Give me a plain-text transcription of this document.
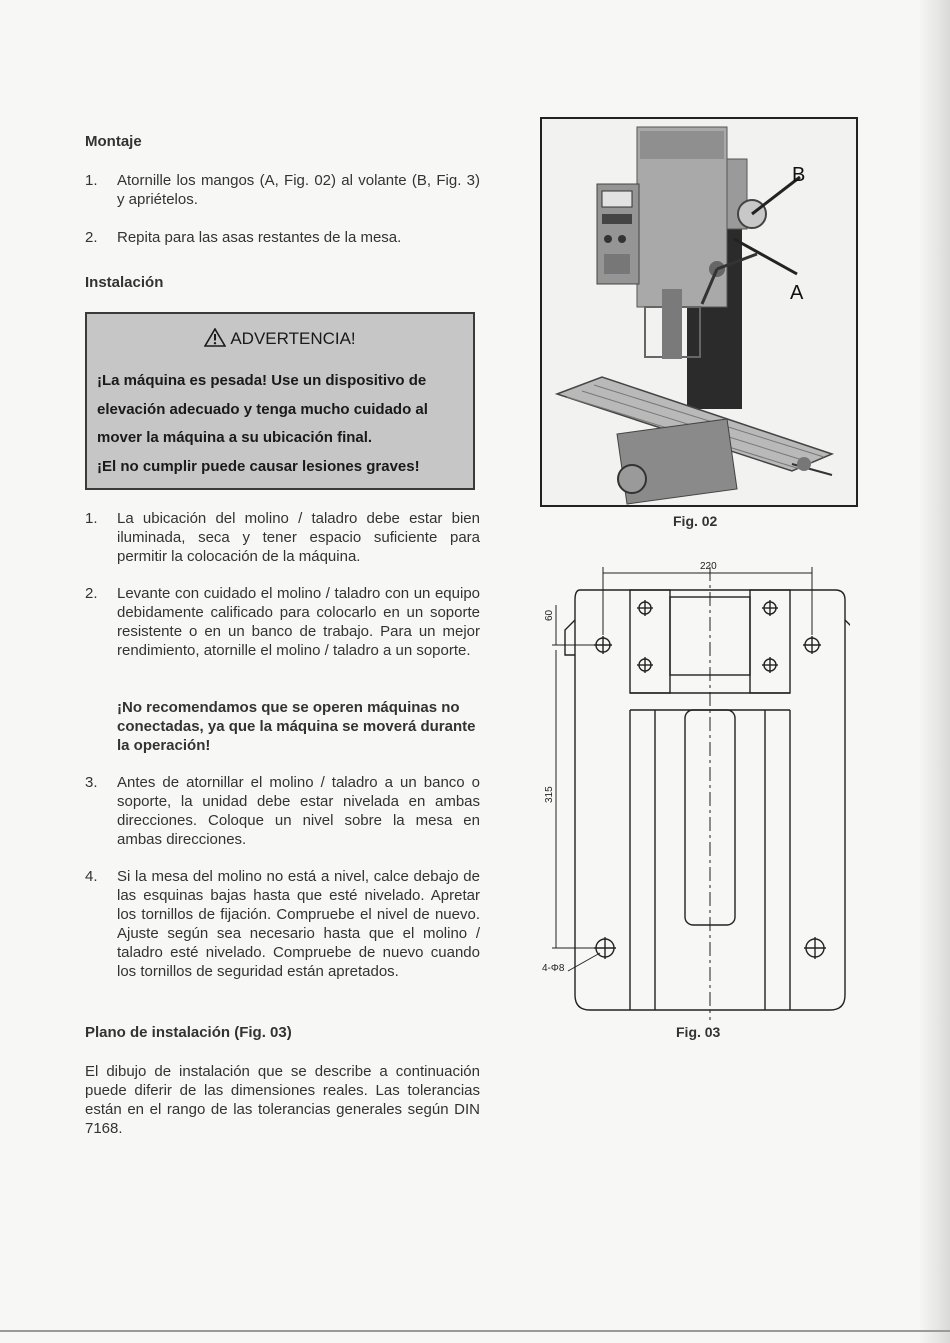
Montaje
1.	Atornille los mangos (A, Fig. 02) al volante (B, Fig. 3) y apriételos.
2.	Repita para las asas restantes de la mesa.
Instalación
1.	La ubicación del molino / taladro debe estar bien iluminada, seca y tener espacio suficiente para permitir la colocación de la máquina.
2.	Levante con cuidado el molino / taladro con un equipo debidamente calificado para colocarlo en un soporte resistente o en un banco de trabajo. Para un mejor rendimiento, atornille el molino / taladro a un soporte.
¡No recomendamos que se operen máquinas no conectadas, ya que la máquina se moverá durante la operación!
3.	Antes de atornillar el molino / taladro a un banco o soporte, la unidad debe estar nivelada en ambas direcciones. Coloque un nivel sobre la mesa en ambas direcciones.
4.	Si la mesa del molino no está a nivel, calce debajo de las esquinas bajas hasta que esté nivelado. Apretar los tornillos de fijación. Compruebe el nivel de nuevo. Ajuste según sea necesario hasta que el molino / taladro esté nivelado. Compruebe de nuevo cuando los tornillos de seguridad están apretados.
Plano de instalación (Fig. 03)
El dibujo de instalación que se describe a continuación puede diferir de las dimensiones reales. Las tolerancias están en el rango de las tolerancias generales según DIN 7168.
ADVERTENCIA!
¡La máquina es pesada! Use un dispositivo de
elevación adecuado y tenga mucho cuidado al
mover la máquina a su ubicación final.
¡El no cumplir puede causar lesiones graves!
B
A
Fig. 02
220
60
315
4-Φ8
Fig. 03
